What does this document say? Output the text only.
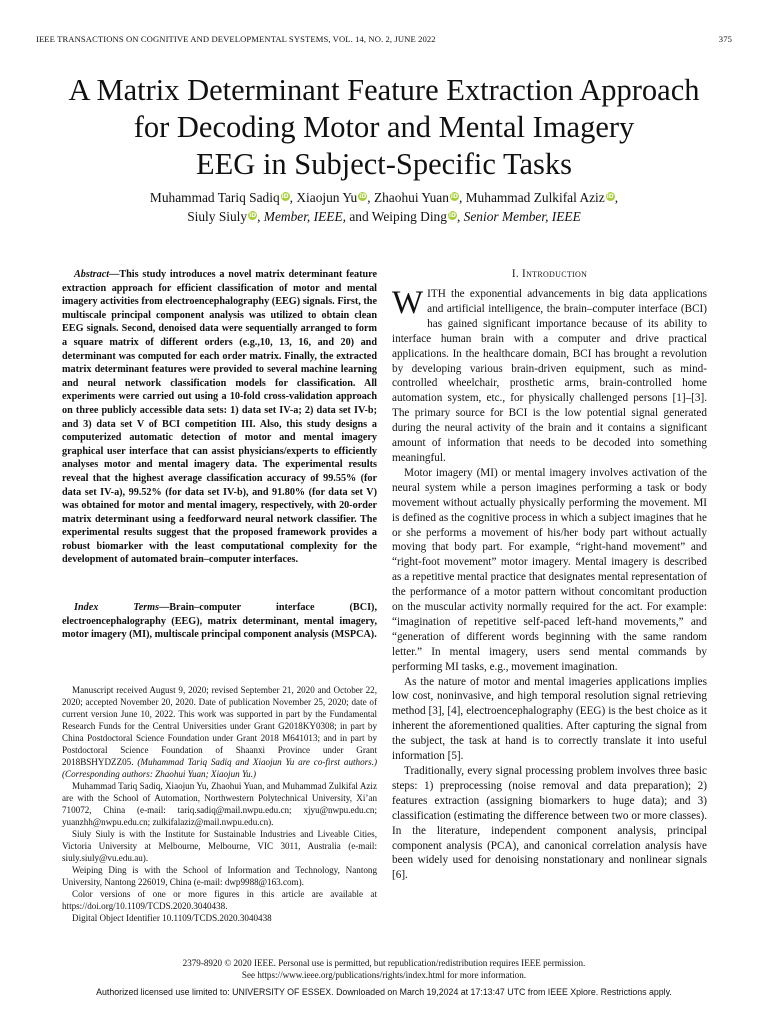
IEEE TRANSACTIONS ON COGNITIVE AND DEVELOPMENTAL SYSTEMS, VOL. 14, NO. 2, JUNE 2022	375
A Matrix Determinant Feature Extraction Approach
for Decoding Motor and Mental Imagery
EEG in Subject-Specific Tasks
Muhammad Tariq Sadiq iD, Xiaojun Yu iD, Zhaohui Yuan iD, Muhammad Zulkifal Aziz iD,
Siuly Siuly iD, Member, IEEE, and Weiping Ding iD, Senior Member, IEEE

Abstract—This study introduces a novel matrix determinant feature extraction approach for efficient classification of motor and mental imagery activities from electroencephalography (EEG) signals. First, the multiscale principal component analysis was utilized to obtain clean EEG signals. Second, denoised data were sequentially arranged to form a square matrix of different orders (e.g.,10, 13, 16, and 20) and determinant was computed for each order matrix. Finally, the extracted matrix determinant features were provided to several machine learning and neural network classification models for classification. All experiments were carried out using a 10-fold cross-validation approach on three publicly accessible data sets: 1) data set IV-a; 2) data set IV-b; and 3) data set V of BCI competition III. Also, this study designs a computerized automatic detection of motor and mental imagery graphical user interface that can assist physicians/experts to efficiently analyses motor and mental imagery data. The experimental results reveal that the highest average classification accuracy of 99.55% (for data set IV-a), 99.52% (for data set IV-b), and 91.80% (for data set V) was obtained for motor and mental imagery, respectively, with 20-order matrix determinant using a feedforward neural network classifier. The experimental results suggest that the proposed framework provides a robust biomarker with the least computational complexity for the development of automated brain–computer interfaces.

Index Terms—Brain–computer interface (BCI), electroencephalography (EEG), matrix determinant, mental imagery, motor imagery (MI), multiscale principal component analysis (MSPCA).

Manuscript received August 9, 2020; revised September 21, 2020 and October 22, 2020; accepted November 20, 2020. Date of publication November 25, 2020; date of current version June 10, 2022. This work was supported in part by the Fundamental Research Funds for the Central Universities under Grant G2018KY0308; in part by China Postdoctoral Science Foundation under Grant 2018 M641013; and in part by Postdoctoral Science Foundation of Shaanxi Province under Grant 2018BSHYDZZ05. (Muhammad Tariq Sadiq and Xiaojun Yu are co-first authors.) (Corresponding authors: Zhaohui Yuan; Xiaojun Yu.)

Muhammad Tariq Sadiq, Xiaojun Yu, Zhaohui Yuan, and Muhammad Zulkifal Aziz are with the School of Automation, Northwestern Polytechnical University, Xi’an 710072, China (e-mail: tariq.sadiq@mail.nwpu.edu.cn; xjyu@nwpu.edu.cn; yuanzhh@nwpu.edu.cn; zulkifalaziz@mail.nwpu.edu.cn).

Siuly Siuly is with the Institute for Sustainable Industries and Liveable Cities, Victoria University at Melbourne, Melbourne, VIC 3011, Australia (e-mail: siuly.siuly@vu.edu.au).

Weiping Ding is with the School of Information and Technology, Nantong University, Nantong 226019, China (e-mail: dwp9988@163.com).

Color versions of one or more figures in this article are available at https://doi.org/10.1109/TCDS.2020.3040438.

Digital Object Identifier 10.1109/TCDS.2020.3040438

I. Introduction

WITH the exponential advancements in big data applications and artificial intelligence, the brain–computer interface (BCI) has gained significant importance because of its ability to interface human brain with a computer and drive practical applications. In the healthcare domain, BCI has brought a revolution by developing various brain-driven equipment, such as mind-controlled wheelchair, prosthetic arms, brain-controlled home automation system, etc., for physically challenged persons [1]–[3]. The primary source for BCI is the low potential signal generated during the neural activity of the brain and it contains a significant amount of information that needs to be decoded into something meaningful.

Motor imagery (MI) or mental imagery involves activation of the neural system while a person imagines performing a task or body movement without actually physically performing the movement. MI is defined as the cognitive process in which a subject imagines that he or she performs a movement of his/her body part without actually moving that body part. For example, “right-hand movement” and “right-foot movement” motor imagery. Mental imagery is described as a repetitive mental practice that designates mental representation of the performance of a motor pattern without concomitant production on the muscular activity normally required for the act. For example: “imagination of repetitive self-paced left-hand movements,” and “generation of different words beginning with the same random letter.” In mental imagery, users send mental commands by performing MI tasks, e.g., movement imagination.

As the nature of motor and mental imageries applications implies low cost, noninvasive, and high temporal resolution signal retrieving method [3], [4], electroencephalography (EEG) is the best choice as it inherent the aforementioned qualities. After capturing the signal from the subject, the task at hand is to correctly translate it into useful information [5].

Traditionally, every signal processing problem involves three basic steps: 1) preprocessing (noise removal and data preparation); 2) features extraction (assigning biomarkers to huge data); and 3) classification (estimating the difference between two or more classes). In the literature, independent component analysis, principal component analysis (PCA), and canonical correlation analysis have been widely used for denoising nonstationary and nonlinear signals [6].

2379-8920 © 2020 IEEE. Personal use is permitted, but republication/redistribution requires IEEE permission.
See https://www.ieee.org/publications/rights/index.html for more information.
Authorized licensed use limited to: UNIVERSITY OF ESSEX. Downloaded on March 19,2024 at 17:13:47 UTC from IEEE Xplore. Restrictions apply.
